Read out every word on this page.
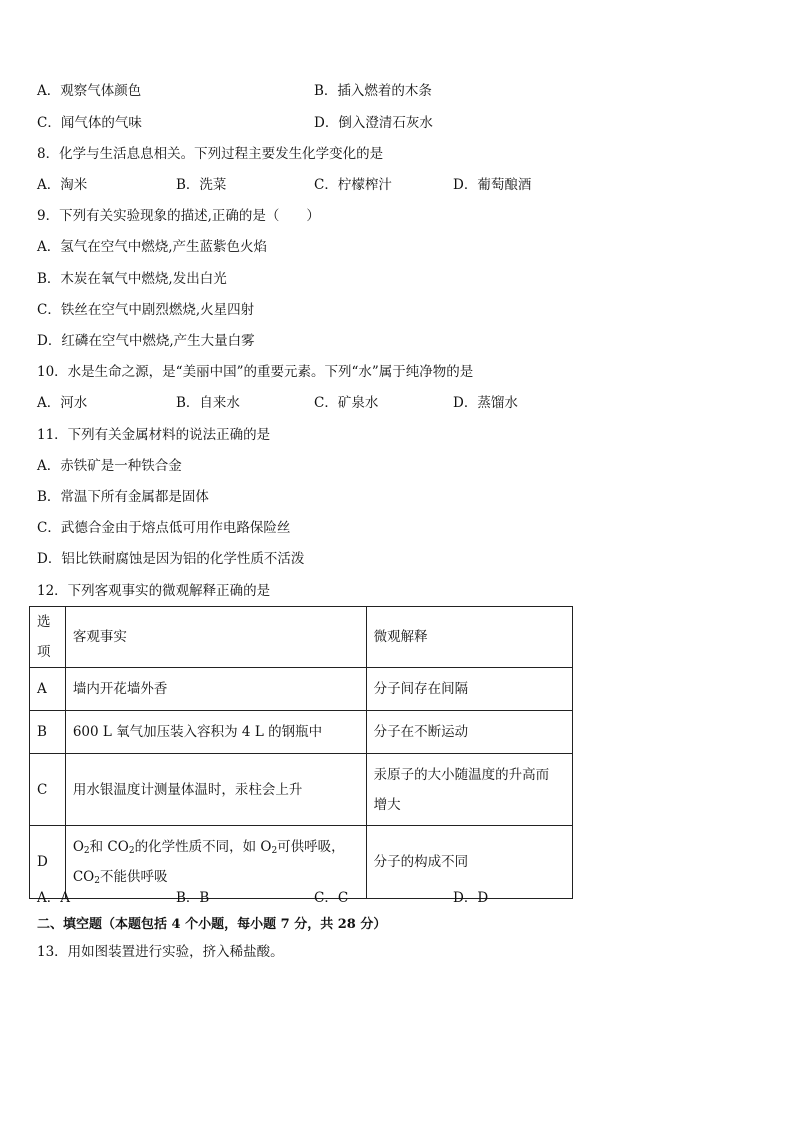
A．观察气体颜色	B．插入燃着的木条
C．闻气体的气味	D．倒入澄清石灰水
8．化学与生活息息相关。下列过程主要发生化学变化的是
A．淘米	B．洗菜	C．柠檬榨汁	D．葡萄酿酒
9．下列有关实验现象的描述,正确的是（　　）
A．氢气在空气中燃烧,产生蓝紫色火焰
B．木炭在氧气中燃烧,发出白光
C．铁丝在空气中剧烈燃烧,火星四射
D．红磷在空气中燃烧,产生大量白雾
10．水是生命之源，是“美丽中国”的重要元素。下列“水”属于纯净物的是
A．河水	B．自来水	C．矿泉水	D．蒸馏水
11．下列有关金属材料的说法正确的是
A．赤铁矿是一种铁合金
B．常温下所有金属都是固体
C．武德合金由于熔点低可用作电路保险丝
D．铝比铁耐腐蚀是因为铝的化学性质不活泼
12．下列客观事实的微观解释正确的是
选项	客观事实	微观解释
A	墙内开花墙外香	分子间存在间隔
B	600 L 氧气加压装入容积为 4 L 的钢瓶中	分子在不断运动
C	用水银温度计测量体温时，汞柱会上升	汞原子的大小随温度的升高而
增大

D	$O_2$和 $CO_2$的化学性质不同，如 $O_2$可供呼吸，
$CO_2$不能供呼吸	分子的构成不同
A．A	B．B	C．C	D．D
二、填空题（本题包括 4 个小题，每小题 7 分，共 28 分）
13．用如图装置进行实验，挤入稀盐酸。
